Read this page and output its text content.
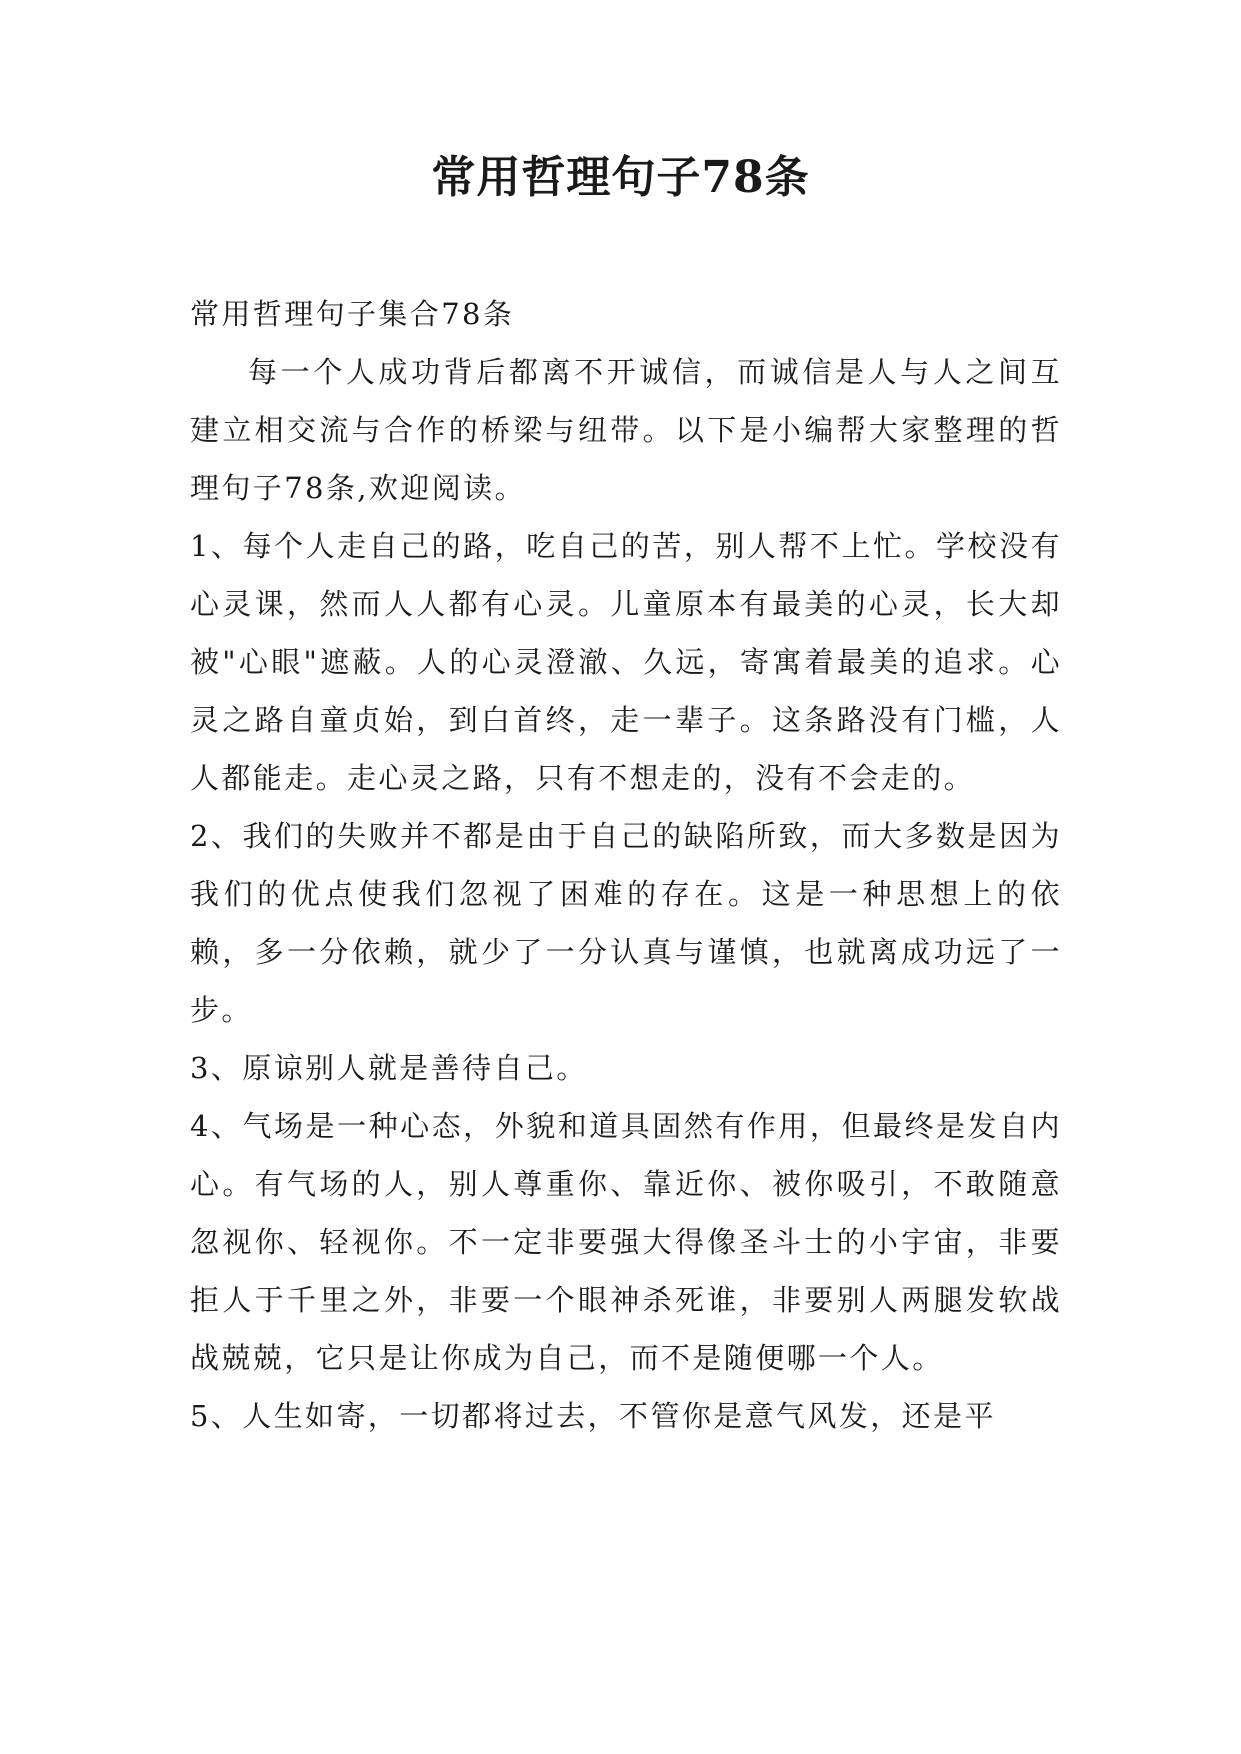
常用哲理句子78条

常用哲理句子集合78条

每一个人成功背后都离不开诚信，而诚信是人与人之间互建立相交流与合作的桥梁与纽带。以下是小编帮大家整理的哲理句子78条,欢迎阅读。

1、每个人走自己的路，吃自己的苦，别人帮不上忙。学校没有心灵课，然而人人都有心灵。儿童原本有最美的心灵，长大却被"心眼"遮蔽。人的心灵澄澈、久远，寄寓着最美的追求。心灵之路自童贞始，到白首终，走一辈子。这条路没有门槛，人人都能走。走心灵之路，只有不想走的，没有不会走的。

2、我们的失败并不都是由于自己的缺陷所致，而大多数是因为我们的优点使我们忽视了困难的存在。这是一种思想上的依赖，多一分依赖，就少了一分认真与谨慎，也就离成功远了一步。

3、原谅别人就是善待自己。

4、气场是一种心态，外貌和道具固然有作用，但最终是发自内心。有气场的人，别人尊重你、靠近你、被你吸引，不敢随意忽视你、轻视你。不一定非要强大得像圣斗士的小宇宙，非要拒人于千里之外，非要一个眼神杀死谁，非要别人两腿发软战战兢兢，它只是让你成为自己，而不是随便哪一个人。

5、人生如寄，一切都将过去，不管你是意气风发，还是平
